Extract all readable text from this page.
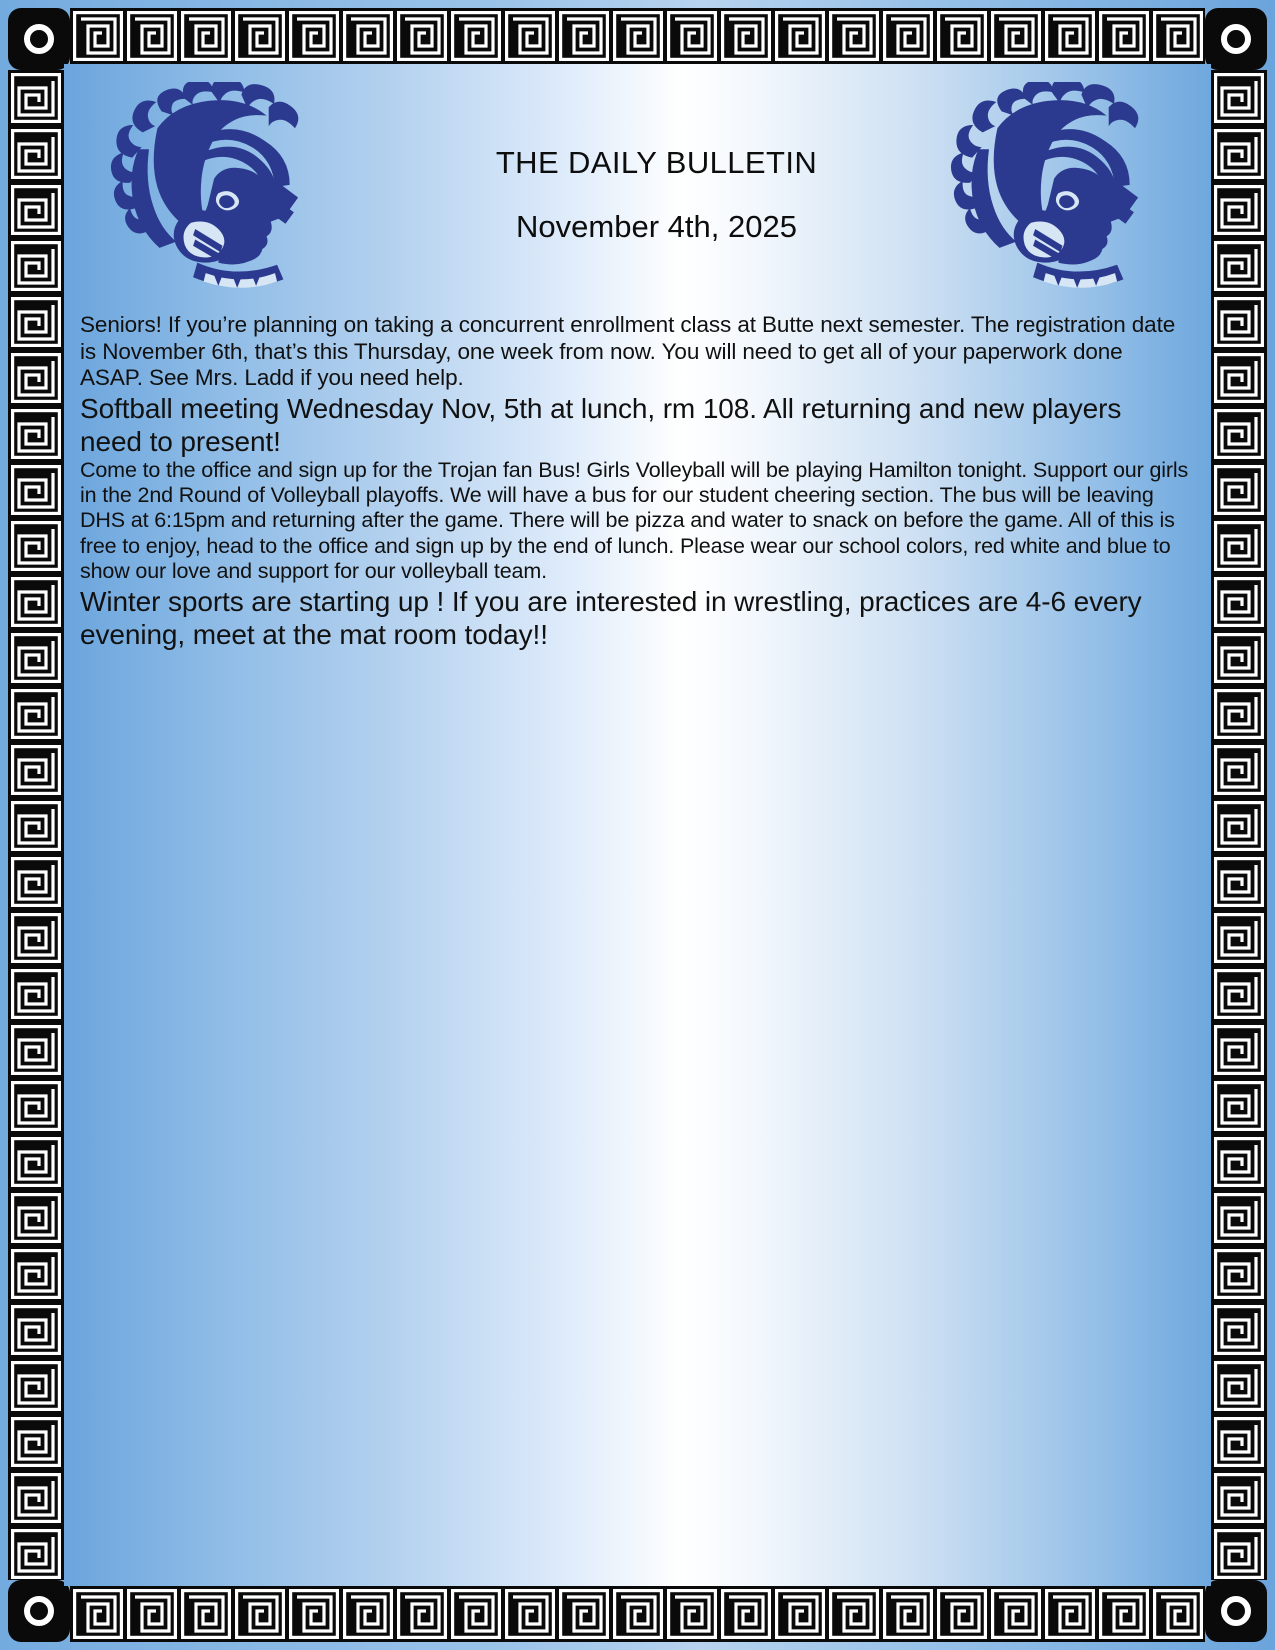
THE DAILY BULLETIN
November 4th, 2025

Seniors! If you’re planning on taking a concurrent enrollment class at Butte next semester. The registration date is November 6th, that’s this Thursday, one week from now. You will need to get all of your paperwork done ASAP. See Mrs. Ladd if you need help.

Softball meeting Wednesday Nov, 5th at lunch, rm 108. All returning and new players need to present!

Come to the office and sign up for the Trojan fan Bus! Girls Volleyball will be playing Hamilton tonight. Support our girls in the 2nd Round of Volleyball playoffs. We will have a bus for our student cheering section. The bus will be leaving DHS at 6:15pm and returning after the game. There will be pizza and water to snack on before the game. All of this is free to enjoy, head to the office and sign up by the end of lunch. Please wear our school colors, red white and blue to show our love and support for our volleyball team.

Winter sports are starting up ! If you are interested in wrestling, practices are 4-6 every evening, meet at the mat room today!!
